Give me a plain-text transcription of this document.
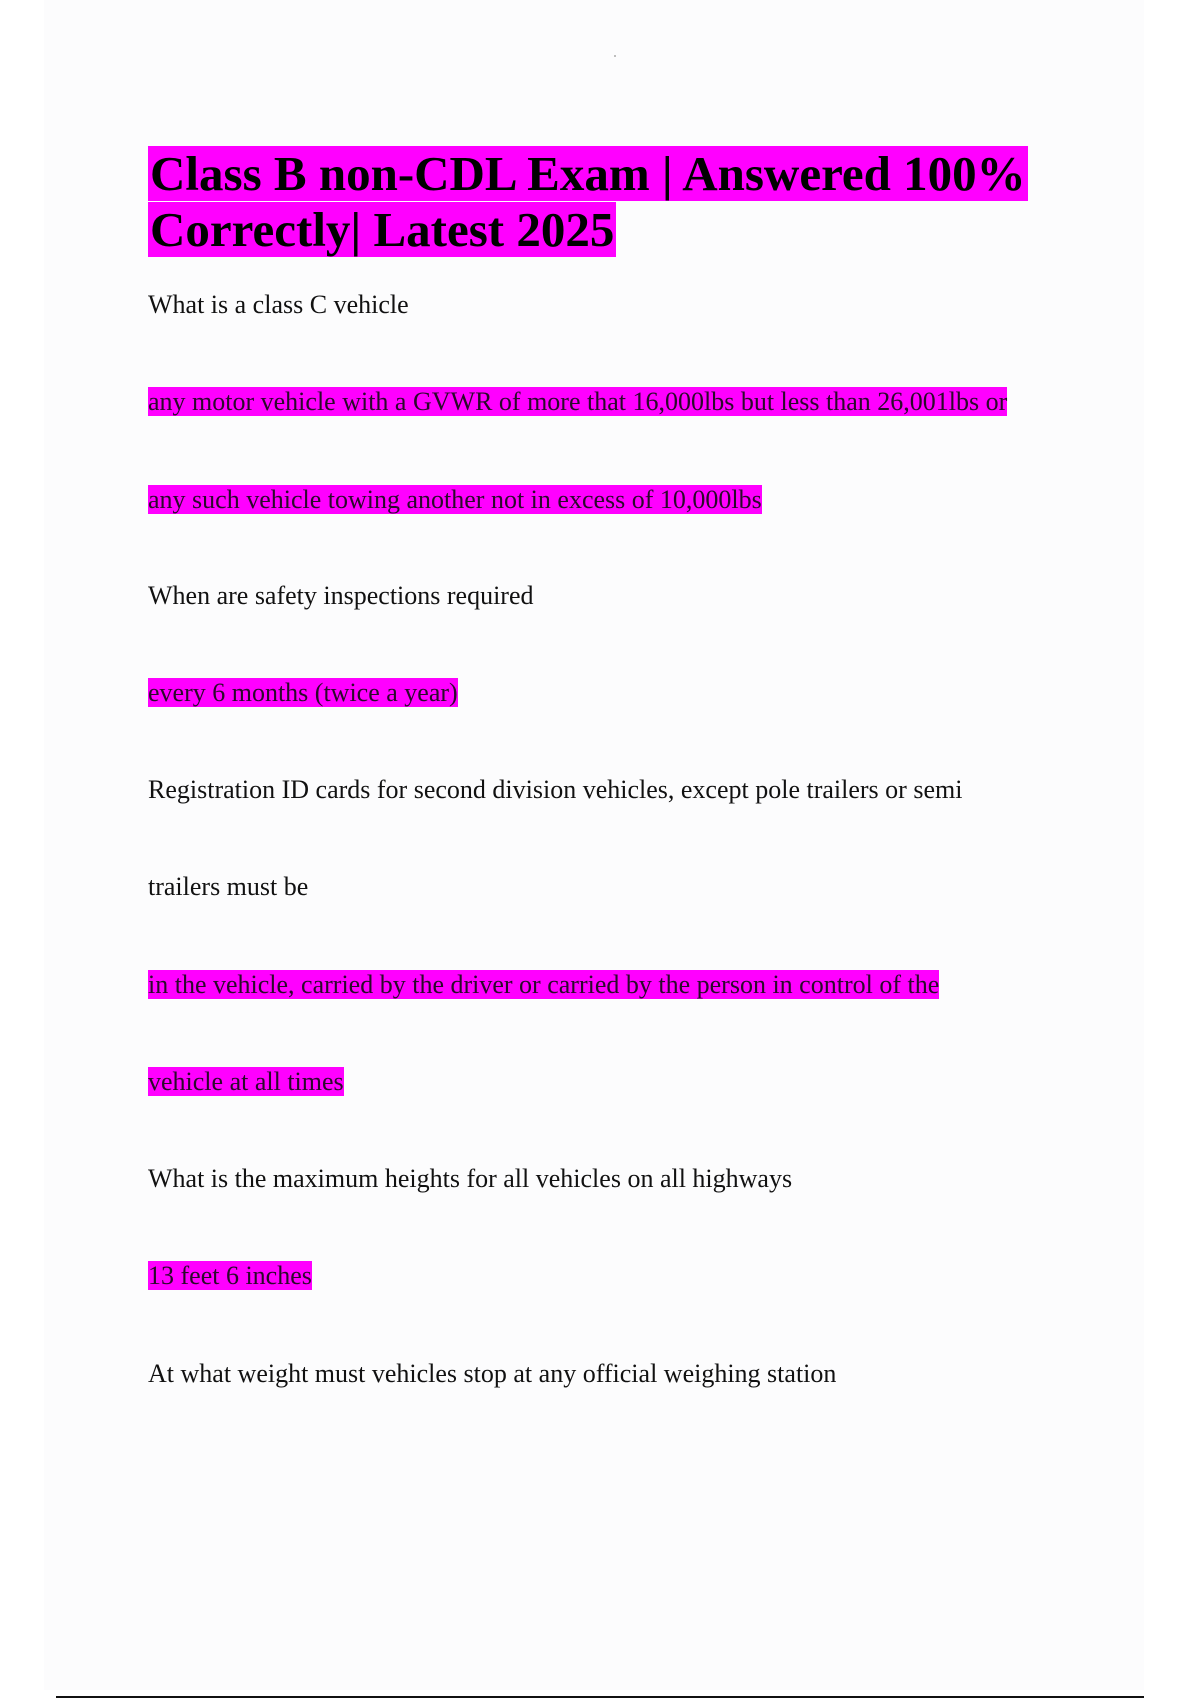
Class B non-CDL Exam | Answered 100%
Correctly| Latest 2025

What is a class C vehicle

any motor vehicle with a GVWR of more that 16,000lbs but less than 26,001lbs or

any such vehicle towing another not in excess of 10,000lbs

When are safety inspections required

every 6 months (twice a year)

Registration ID cards for second division vehicles, except pole trailers or semi

trailers must be

in the vehicle, carried by the driver or carried by the person in control of the

vehicle at all times

What is the maximum heights for all vehicles on all highways

13 feet 6 inches

At what weight must vehicles stop at any official weighing station
